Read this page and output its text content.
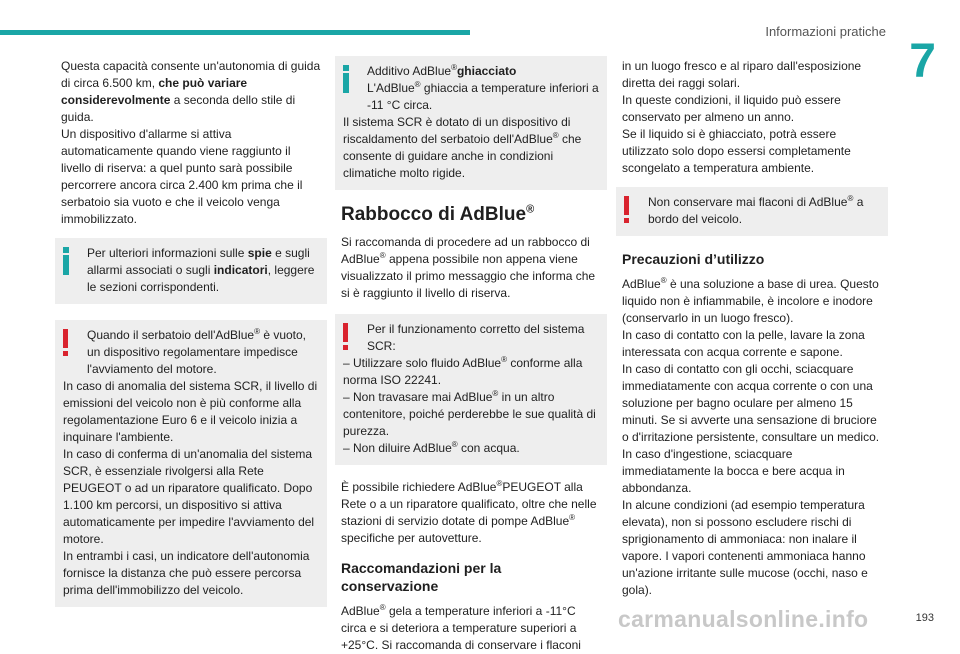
Informazioni pratiche
7

Questa capacità consente un'autonomia di guida di circa 6.500 km, che può variare considerevolmente a seconda dello stile di guida.

Un dispositivo d'allarme si attiva automaticamente quando viene raggiunto il livello di riserva: a quel punto sarà possibile percorrere ancora circa 2.400 km prima che il serbatoio sia vuoto e che il veicolo venga immobilizzato.

Per ulteriori informazioni sulle spie e sugli allarmi associati o sugli indicatori, leggere le sezioni corrispondenti.

Quando il serbatoio dell'AdBlue® è vuoto, un dispositivo regolamentare impedisce l'avviamento del motore.

In caso di anomalia del sistema SCR, il livello di emissioni del veicolo non è più conforme alla regolamentazione Euro 6 e il veicolo inizia a inquinare l'ambiente.

In caso di conferma di un'anomalia del sistema SCR, è essenziale rivolgersi alla Rete PEUGEOT o ad un riparatore qualificato. Dopo 1.100 km percorsi, un dispositivo si attiva automaticamente per impedire l'avviamento del motore.

In entrambi i casi, un indicatore dell'autonomia fornisce la distanza che può essere percorsa prima dell'immobilizzo del veicolo.

Additivo AdBlue®ghiacciato

L'AdBlue® ghiaccia a temperature inferiori a -11 °C circa.

Il sistema SCR è dotato di un dispositivo di riscaldamento del serbatoio dell'AdBlue® che consente di guidare anche in condizioni climatiche molto rigide.

Rabbocco di AdBlue®

Si raccomanda di procedere ad un rabbocco di AdBlue® appena possibile non appena viene visualizzato il primo messaggio che informa che si è raggiunto il livello di riserva.

Per il funzionamento corretto del sistema SCR:

– Utilizzare solo fluido AdBlue® conforme alla norma ISO 22241.

– Non travasare mai AdBlue® in un altro contenitore, poiché perderebbe le sue qualità di purezza.

– Non diluire AdBlue® con acqua.

È possibile richiedere AdBlue®PEUGEOT alla Rete o a un riparatore qualificato, oltre che nelle stazioni di servizio dotate di pompe AdBlue® specifiche per autovetture.

Raccomandazioni per la conservazione

AdBlue® gela a temperature inferiori a -11°C circa e si deteriora a temperature superiori a +25°C. Si raccomanda di conservare i flaconi

in un luogo fresco e al riparo dall'esposizione diretta dei raggi solari.

In queste condizioni, il liquido può essere conservato per almeno un anno.

Se il liquido si è ghiacciato, potrà essere utilizzato solo dopo essersi completamente scongelato a temperatura ambiente.

Non conservare mai flaconi di AdBlue® a bordo del veicolo.

Precauzioni d’utilizzo

AdBlue® è una soluzione a base di urea. Questo liquido non è infiammabile, è incolore e inodore (conservarlo in un luogo fresco).

In caso di contatto con la pelle, lavare la zona interessata con acqua corrente e sapone.

In caso di contatto con gli occhi, sciacquare immediatamente con acqua corrente o con una soluzione per bagno oculare per almeno 15 minuti. Se si avverte una sensazione di bruciore o d'irritazione persistente, consultare un medico.

In caso d'ingestione, sciacquare immediatamente la bocca e bere acqua in abbondanza.

In alcune condizioni (ad esempio temperatura elevata), non si possono escludere rischi di sprigionamento di ammoniaca: non inalare il vapore. I vapori contenenti ammoniaca hanno un'azione irritante sulle mucose (occhi, naso e gola).

carmanualsonline.info	193
